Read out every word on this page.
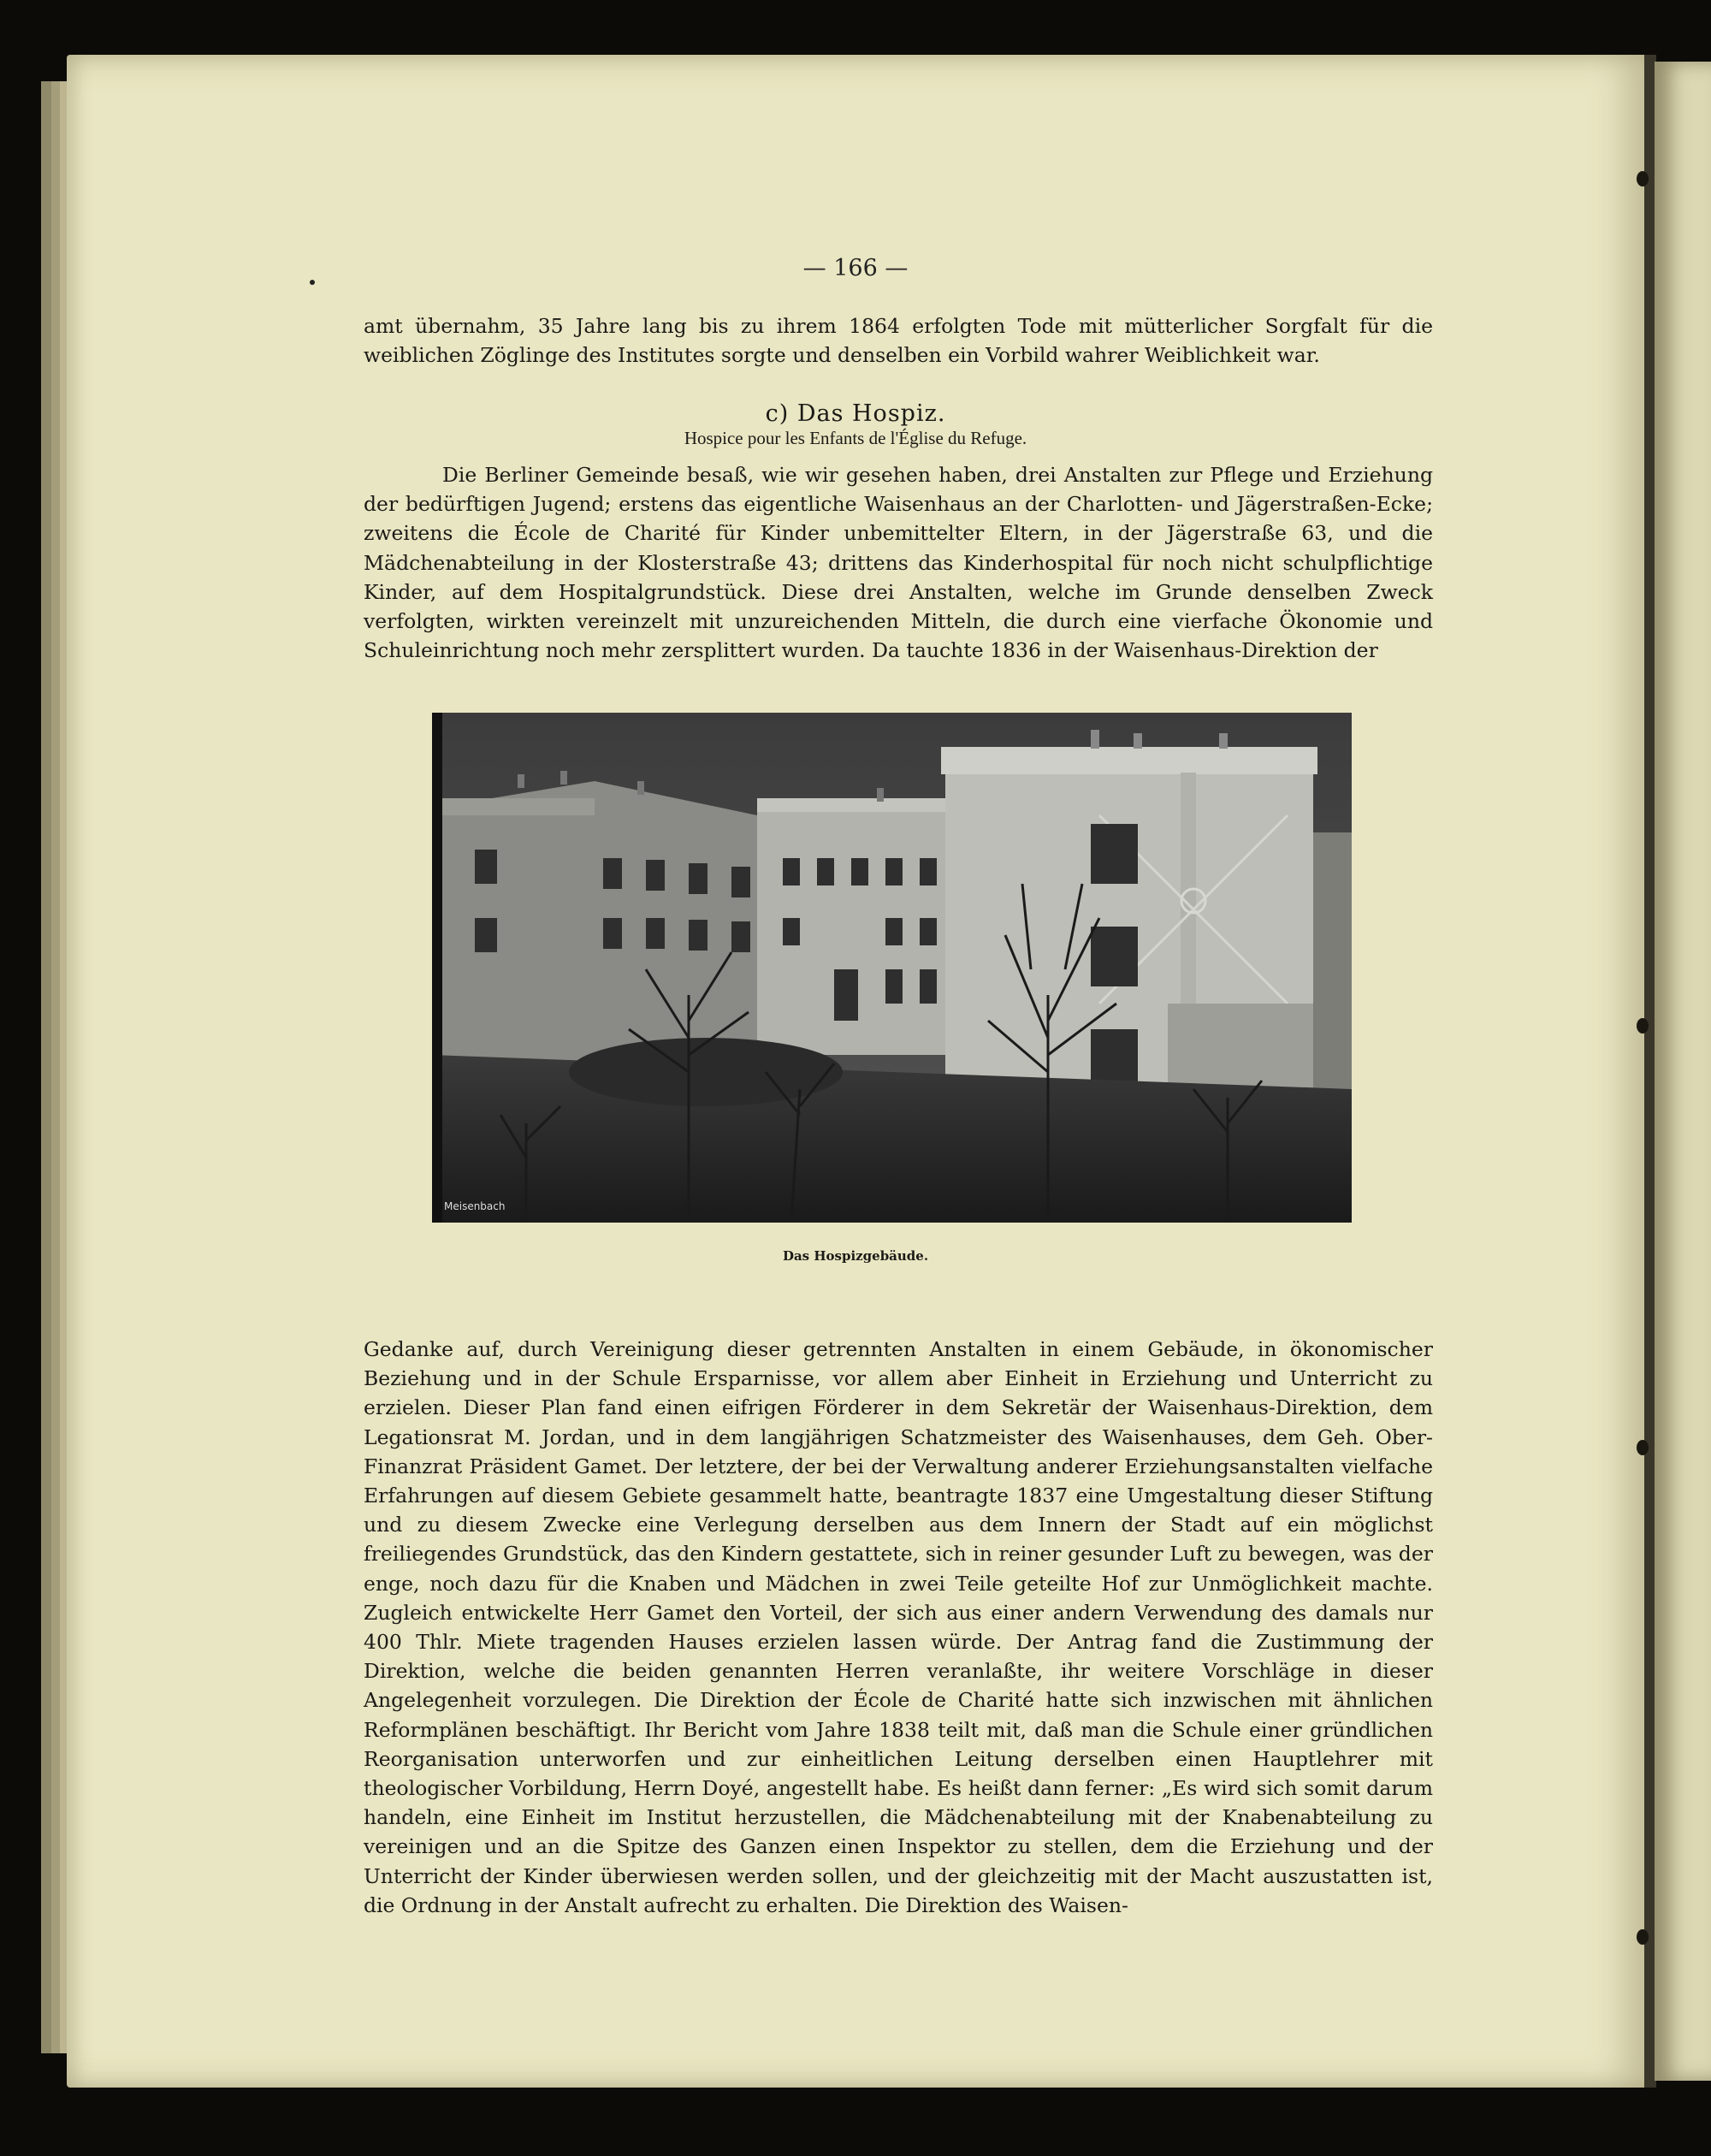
— 166 —

amt übernahm, 35 Jahre lang bis zu ihrem 1864 erfolgten Tode mit mütterlicher Sorgfalt für die weiblichen Zöglinge des Institutes sorgte und denselben ein Vorbild wahrer Weiblichkeit war.

c) Das Hospiz.
Hospice pour les Enfants de l'Église du Refuge.

Die Berliner Gemeinde besaß, wie wir gesehen haben, drei Anstalten zur Pflege und Erziehung der bedürftigen Jugend; erstens das eigentliche Waisenhaus an der Charlotten- und Jägerstraßen-Ecke; zweitens die École de Charité für Kinder unbemittelter Eltern, in der Jägerstraße 63, und die Mädchenabteilung in der Klosterstraße 43; drittens das Kinderhospital für noch nicht schulpflichtige Kinder, auf dem Hospitalgrundstück. Diese drei Anstalten, welche im Grunde denselben Zweck verfolgten, wirkten vereinzelt mit unzureichenden Mitteln, die durch eine vierfache Ökonomie und Schuleinrichtung noch mehr zersplittert wurden. Da tauchte 1836 in der Waisenhaus-Direktion der

Meisenbach
Das Hospizgebäude.

Gedanke auf, durch Vereinigung dieser getrennten Anstalten in einem Gebäude, in ökonomischer Beziehung und in der Schule Ersparnisse, vor allem aber Einheit in Erziehung und Unterricht zu erzielen. Dieser Plan fand einen eifrigen Förderer in dem Sekretär der Waisenhaus-Direktion, dem Legationsrat M. Jordan, und in dem langjährigen Schatzmeister des Waisenhauses, dem Geh. Ober-Finanzrat Präsident Gamet. Der letztere, der bei der Verwaltung anderer Erziehungsanstalten vielfache Erfahrungen auf diesem Gebiete gesammelt hatte, beantragte 1837 eine Umgestaltung dieser Stiftung und zu diesem Zwecke eine Verlegung derselben aus dem Innern der Stadt auf ein möglichst freiliegendes Grundstück, das den Kindern gestattete, sich in reiner gesunder Luft zu bewegen, was der enge, noch dazu für die Knaben und Mädchen in zwei Teile geteilte Hof zur Unmöglichkeit machte. Zugleich entwickelte Herr Gamet den Vorteil, der sich aus einer andern Verwendung des damals nur 400 Thlr. Miete tragenden Hauses erzielen lassen würde. Der Antrag fand die Zustimmung der Direktion, welche die beiden genannten Herren veranlaßte, ihr weitere Vorschläge in dieser Angelegenheit vorzulegen. Die Direktion der École de Charité hatte sich inzwischen mit ähnlichen Reformplänen beschäftigt. Ihr Bericht vom Jahre 1838 teilt mit, daß man die Schule einer gründlichen Reorganisation unterworfen und zur einheitlichen Leitung derselben einen Hauptlehrer mit theologischer Vorbildung, Herrn Doyé, angestellt habe. Es heißt dann ferner: „Es wird sich somit darum handeln, eine Einheit im Institut herzustellen, die Mädchenabteilung mit der Knabenabteilung zu vereinigen und an die Spitze des Ganzen einen Inspektor zu stellen, dem die Erziehung und der Unterricht der Kinder überwiesen werden sollen, und der gleichzeitig mit der Macht auszustatten ist, die Ordnung in der Anstalt aufrecht zu erhalten. Die Direktion des Waisen-
